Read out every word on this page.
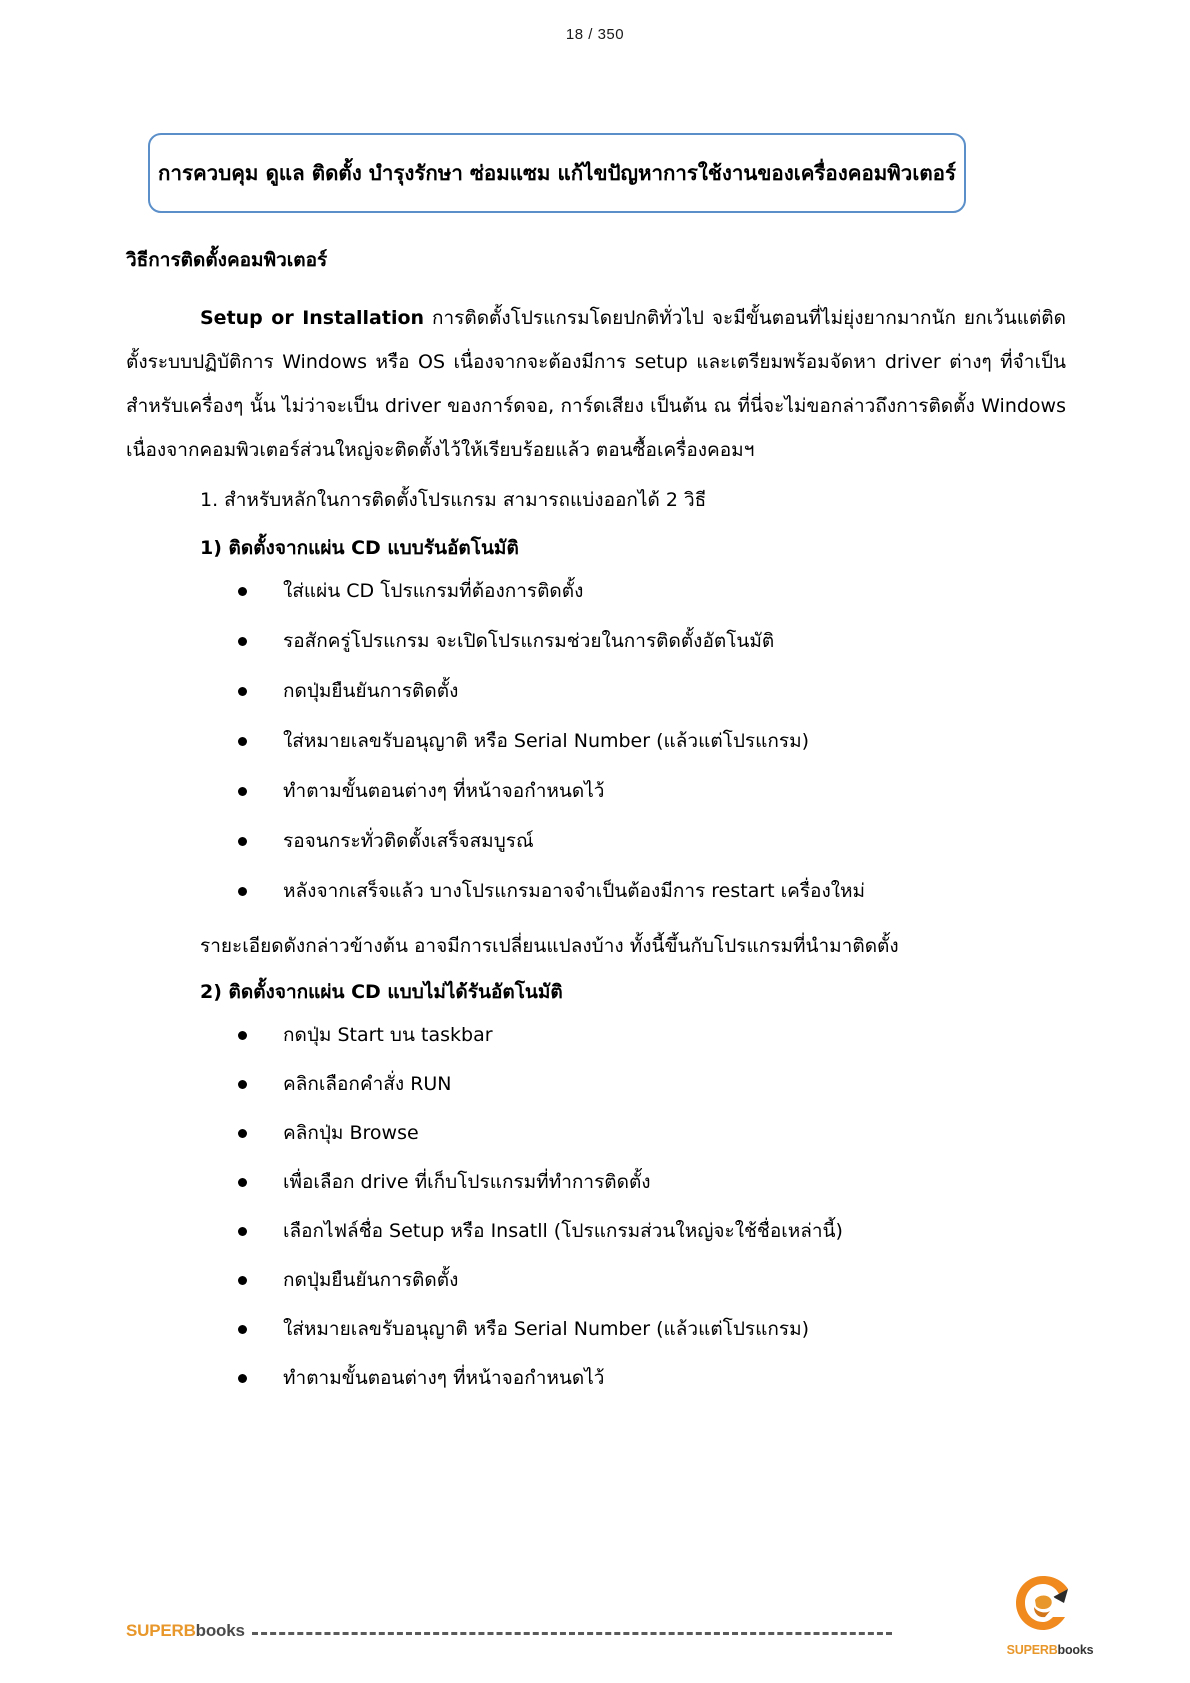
18 / 350
การควบคุม ดูแล ติดตั้ง บำรุงรักษา ซ่อมแซม แก้ไขปัญหาการใช้งานของเครื่องคอมพิวเตอร์
วิธีการติดตั้งคอมพิวเตอร์

Setup or Installation การติดตั้งโปรแกรมโดยปกติทั่วไป จะมีขั้นตอนที่ไม่ยุ่งยากมากนัก ยกเว้นแต่ติดตั้งระบบปฏิบัติการ Windows หรือ OS เนื่องจากจะต้องมีการ setup และเตรียมพร้อมจัดหา driver ต่างๆ ที่จำเป็นสำหรับเครื่องๆ นั้น ไม่ว่าจะเป็น driver ของการ์ดจอ, การ์ดเสียง เป็นต้น ณ ที่นี่จะไม่ขอกล่าวถึงการติดตั้ง Windows เนื่องจากคอมพิวเตอร์ส่วนใหญ่จะติดตั้งไว้ให้เรียบร้อยแล้ว ตอนซื้อเครื่องคอมฯ

1. สำหรับหลักในการติดตั้งโปรแกรม สามารถแบ่งออกได้ 2 วิธี

1) ติดตั้งจากแผ่น CD แบบรันอัตโนมัติ

ใส่แผ่น CD โปรแกรมที่ต้องการติดตั้ง
รอสักครู่โปรแกรม จะเปิดโปรแกรมช่วยในการติดตั้งอัตโนมัติ
กดปุ่มยืนยันการติดตั้ง
ใส่หมายเลขรับอนุญาติ หรือ Serial Number (แล้วแต่โปรแกรม)
ทำตามขั้นตอนต่างๆ ที่หน้าจอกำหนดไว้
รอจนกระทั่วติดตั้งเสร็จสมบูรณ์
หลังจากเสร็จแล้ว บางโปรแกรมอาจจำเป็นต้องมีการ restart เครื่องใหม่

รายะเอียดดังกล่าวข้างต้น อาจมีการเปลี่ยนแปลงบ้าง ทั้งนี้ขึ้นกับโปรแกรมที่นำมาติดตั้ง

2) ติดตั้งจากแผ่น CD แบบไม่ได้รันอัตโนมัติ

กดปุ่ม Start บน taskbar
คลิกเลือกคำสั่ง RUN
คลิกปุ่ม Browse
เพื่อเลือก drive ที่เก็บโปรแกรมที่ทำการติดตั้ง
เลือกไฟล์ชื่อ Setup หรือ Insatll (โปรแกรมส่วนใหญ่จะใช้ชื่อเหล่านี้)
กดปุ่มยืนยันการติดตั้ง
ใส่หมายเลขรับอนุญาติ หรือ Serial Number (แล้วแต่โปรแกรม)
ทำตามขั้นตอนต่างๆ ที่หน้าจอกำหนดไว้
SUPERBbooks
SUPERBbooks
